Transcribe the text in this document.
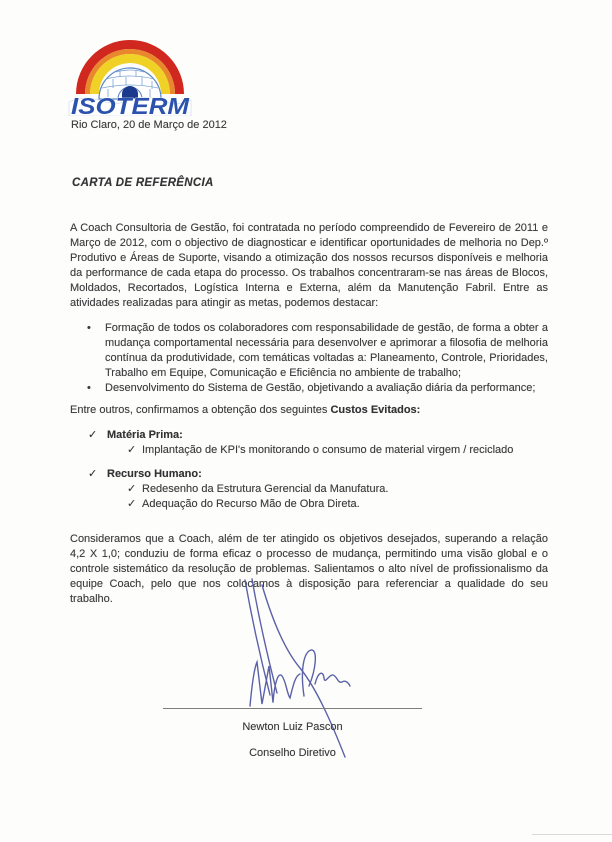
ISOTERM
Rio Claro, 20 de Março de 2012
CARTA DE REFERÊNCIA

A Coach Consultoria de Gestão, foi contratada no período compreendido de Fevereiro de 2011 e Março de 2012, com o objectivo de diagnosticar e identificar oportunidades de melhoria no Dep.º Produtivo e Áreas de Suporte, visando a otimização dos nossos recursos disponíveis e melhoria da performance de cada etapa do processo. Os trabalhos concentraram-se nas áreas de Blocos, Moldados, Recortados, Logística Interna e Externa, além da Manutenção Fabril. Entre as atividades realizadas para atingir as metas, podemos destacar:

• Formação de todos os colaboradores com responsabilidade de gestão, de forma a obter a mudança comportamental necessária para desenvolver e aprimorar a filosofia de melhoria contínua da produtividade, com temáticas voltadas a: Planeamento, Controle, Prioridades, Trabalho em Equipe, Comunicação e Eficiência no ambiente de trabalho;
• Desenvolvimento do Sistema de Gestão, objetivando a avaliação diária da performance;

Entre outros, confirmamos a obtenção dos seguintes Custos Evitados:

✓ Matéria Prima:
✓ Implantação de KPI's monitorando o consumo de material virgem / reciclado
✓ Recurso Humano:
✓ Redesenho da Estrutura Gerencial da Manufatura.
✓ Adequação do Recurso Mão de Obra Direta.

Consideramos que a Coach, além de ter atingido os objetivos desejados, superando a relação 4,2 X 1,0; conduziu de forma eficaz o processo de mudança, permitindo uma visão global e o controle sistemático da resolução de problemas. Salientamos o alto nível de profissionalismo da equipe Coach, pelo que nos colocamos à disposição para referenciar a qualidade do seu trabalho.

Newton Luiz Pascon
Conselho Diretivo
